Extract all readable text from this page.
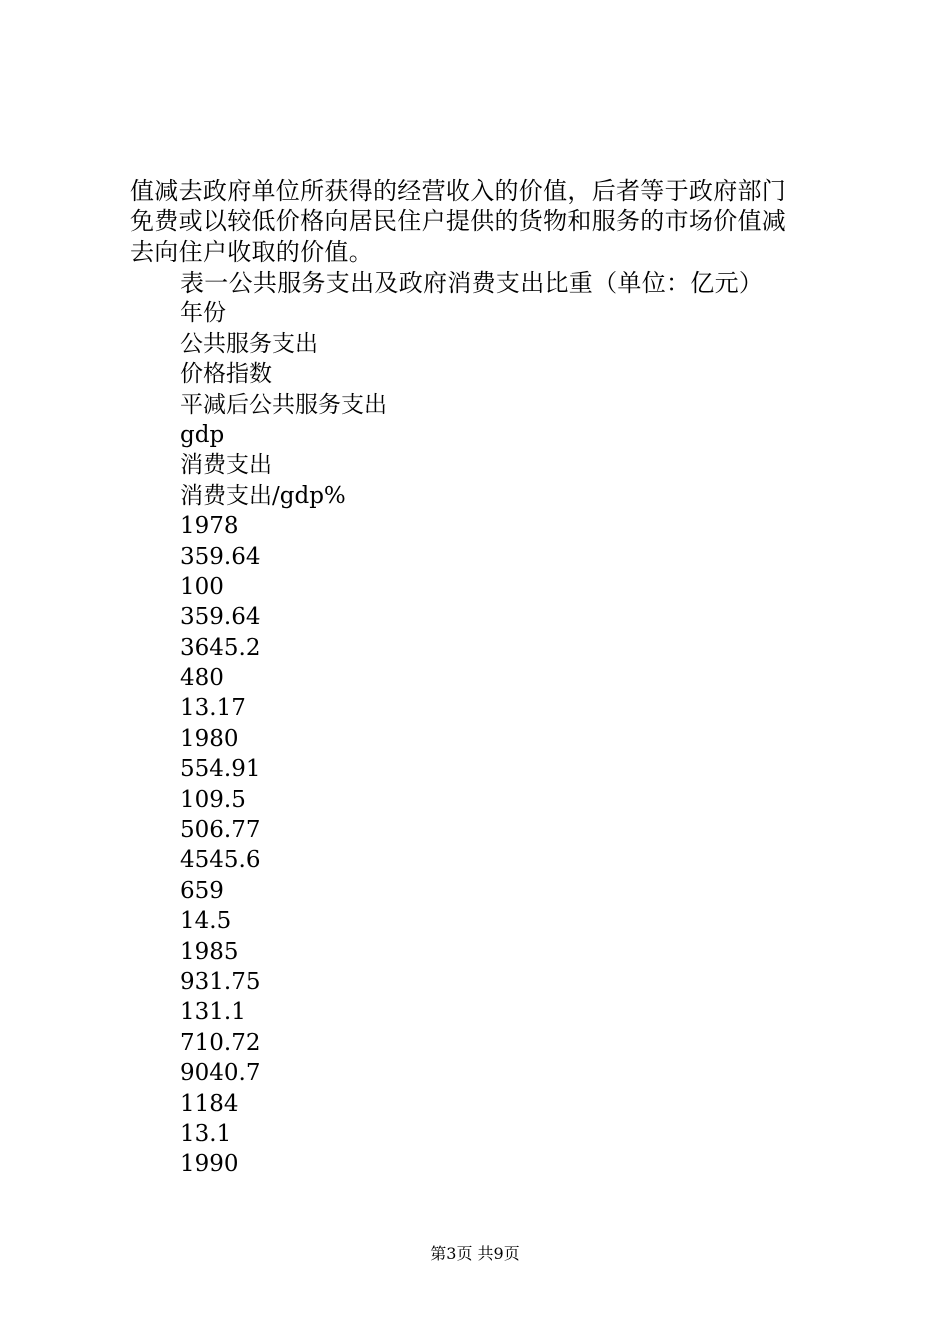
值减去政府单位所获得的经营收入的价值，后者等于政府部门
免费或以较低价格向居民住户提供的货物和服务的市场价值减
去向住户收取的价值。

表一公共服务支出及政府消费支出比重（单位：亿元）
年份
公共服务支出
价格指数
平减后公共服务支出
gdp
消费支出
消费支出/gdp%
1978
359.64
100
359.64
3645.2
480
13.17
1980
554.91
109.5
506.77
4545.6
659
14.5
1985
931.75
131.1
710.72
9040.7
1184
13.1
1990
第3页 共9页
